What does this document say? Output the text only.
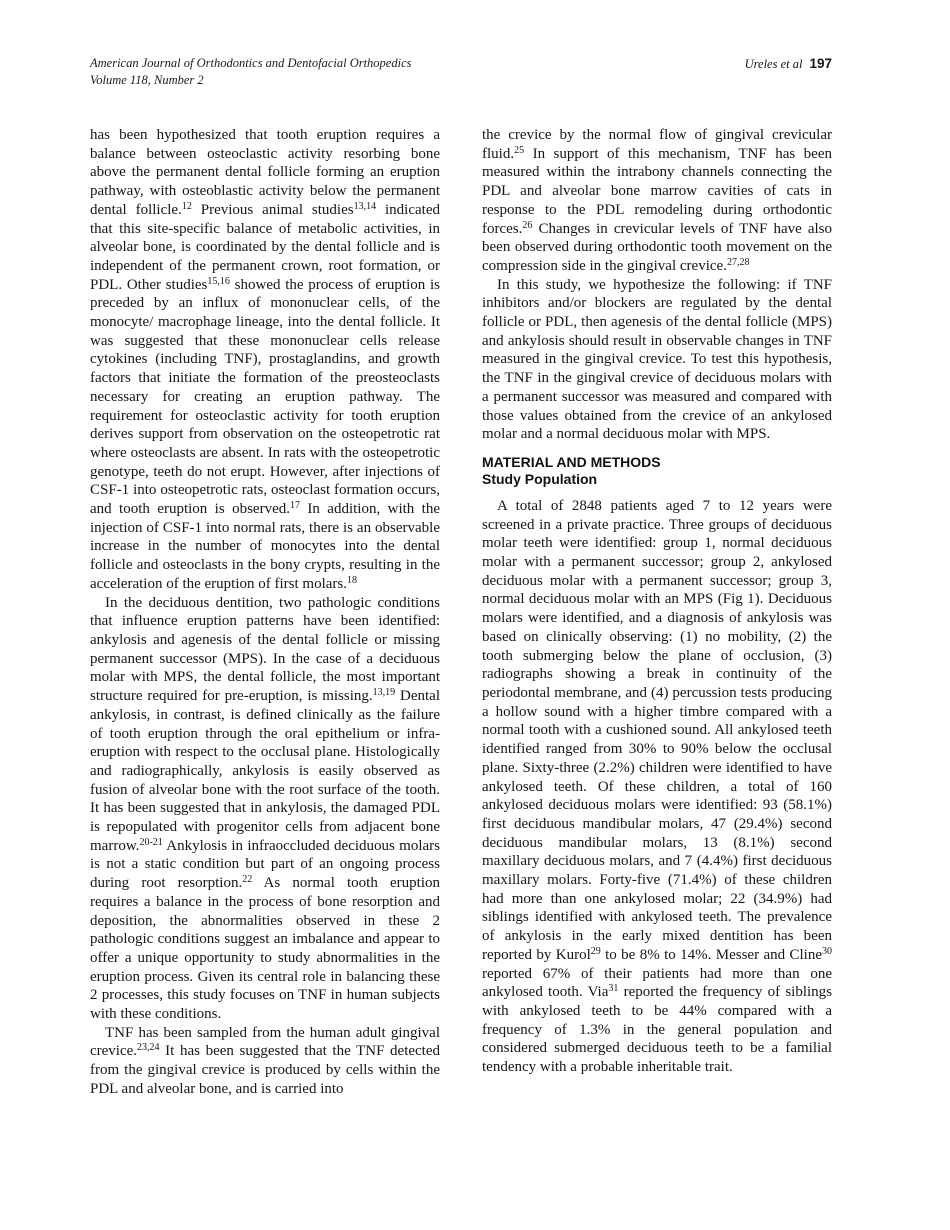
American Journal of Orthodontics and Dentofacial Orthopedics
Volume 118, Number 2
Ureles et al 197

has been hypothesized that tooth eruption requires a balance between osteoclastic activity resorbing bone above the permanent dental follicle forming an eruption pathway, with osteoblastic activity below the permanent dental follicle.$^{12}$ Previous animal studies$^{13,14}$ indicated that this site-specific balance of metabolic activities, in alveolar bone, is coordinated by the dental follicle and is independent of the permanent crown, root formation, or PDL. Other studies$^{15,16}$ showed the process of eruption is preceded by an influx of mononuclear cells, of the monocyte/ macrophage lineage, into the dental follicle. It was suggested that these mononuclear cells release cytokines (including TNF), prostaglandins, and growth factors that initiate the formation of the preosteoclasts necessary for creating an eruption pathway. The requirement for osteoclastic activity for tooth eruption derives support from observation on the osteopetrotic rat where osteoclasts are absent. In rats with the osteopetrotic genotype, teeth do not erupt. However, after injections of CSF-1 into osteopetrotic rats, osteoclast formation occurs, and tooth eruption is observed.$^{17}$ In addition, with the injection of CSF-1 into normal rats, there is an observable increase in the number of monocytes into the dental follicle and osteoclasts in the bony crypts, resulting in the acceleration of the eruption of first molars.$^{18}$

In the deciduous dentition, two pathologic conditions that influence eruption patterns have been identified: ankylosis and agenesis of the dental follicle or missing permanent successor (MPS). In the case of a deciduous molar with MPS, the dental follicle, the most important structure required for pre-eruption, is missing.$^{13,19}$ Dental ankylosis, in contrast, is defined clinically as the failure of tooth eruption through the oral epithelium or infra-eruption with respect to the occlusal plane. Histologically and radiographically, ankylosis is easily observed as fusion of alveolar bone with the root surface of the tooth. It has been suggested that in ankylosis, the damaged PDL is repopulated with progenitor cells from adjacent bone marrow.$^{20-21}$ Ankylosis in infraoccluded deciduous molars is not a static condition but part of an ongoing process during root resorption.$^{22}$ As normal tooth eruption requires a balance in the process of bone resorption and deposition, the abnormalities observed in these 2 pathologic conditions suggest an imbalance and appear to offer a unique opportunity to study abnormalities in the eruption process. Given its central role in balancing these 2 processes, this study focuses on TNF in human subjects with these conditions.

TNF has been sampled from the human adult gingival crevice.$^{23,24}$ It has been suggested that the TNF detected from the gingival crevice is produced by cells within the PDL and alveolar bone, and is carried into

the crevice by the normal flow of gingival crevicular fluid.$^{25}$ In support of this mechanism, TNF has been measured within the intrabony channels connecting the PDL and alveolar bone marrow cavities of cats in response to the PDL remodeling during orthodontic forces.$^{26}$ Changes in crevicular levels of TNF have also been observed during orthodontic tooth movement on the compression side in the gingival crevice.$^{27,28}$

In this study, we hypothesize the following: if TNF inhibitors and/or blockers are regulated by the dental follicle or PDL, then agenesis of the dental follicle (MPS) and ankylosis should result in observable changes in TNF measured in the gingival crevice. To test this hypothesis, the TNF in the gingival crevice of deciduous molars with a permanent successor was measured and compared with those values obtained from the crevice of an ankylosed molar and a normal deciduous molar with MPS.

MATERIAL AND METHODS
Study Population

A total of 2848 patients aged 7 to 12 years were screened in a private practice. Three groups of deciduous molar teeth were identified: group 1, normal deciduous molar with a permanent successor; group 2, ankylosed deciduous molar with a permanent successor; group 3, normal deciduous molar with an MPS (Fig 1). Deciduous molars were identified, and a diagnosis of ankylosis was based on clinically observing: (1) no mobility, (2) the tooth submerging below the plane of occlusion, (3) radiographs showing a break in continuity of the periodontal membrane, and (4) percussion tests producing a hollow sound with a higher timbre compared with a normal tooth with a cushioned sound. All ankylosed teeth identified ranged from 30% to 90% below the occlusal plane. Sixty-three (2.2%) children were identified to have ankylosed teeth. Of these children, a total of 160 ankylosed deciduous molars were identified: 93 (58.1%) first deciduous mandibular molars, 47 (29.4%) second deciduous mandibular molars, 13 (8.1%) second maxillary deciduous molars, and 7 (4.4%) first deciduous maxillary molars. Forty-five (71.4%) of these children had more than one ankylosed molar; 22 (34.9%) had siblings identified with ankylosed teeth. The prevalence of ankylosis in the early mixed dentition has been reported by Kurol$^{29}$ to be 8% to 14%. Messer and Cline$^{30}$ reported 67% of their patients had more than one ankylosed tooth. Via$^{31}$ reported the frequency of siblings with ankylosed teeth to be 44% compared with a frequency of 1.3% in the general population and considered submerged deciduous teeth to be a familial tendency with a probable inheritable trait.
